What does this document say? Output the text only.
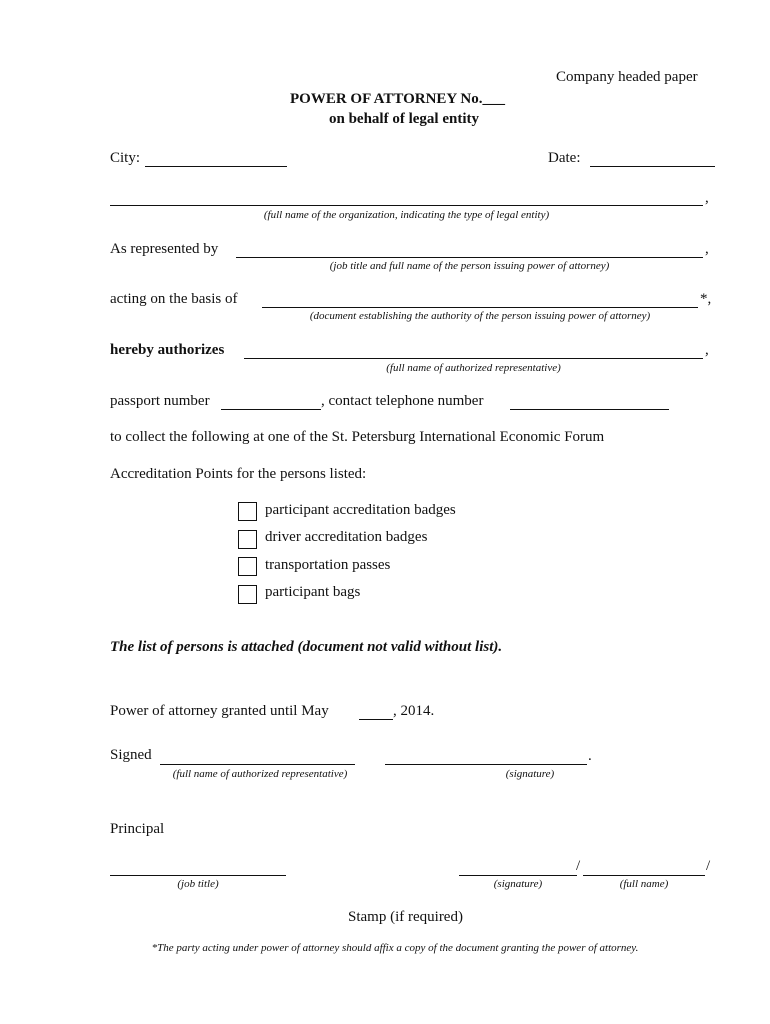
Company headed paper
POWER OF ATTORNEY No.___
on behalf of legal entity
City:	Date:
,
(full name of the organization, indicating the type of legal entity)
As represented by	,
(job title and full name of the person issuing power of attorney)
acting on the basis of	*,
(document establishing the authority of the person issuing power of attorney)
hereby authorizes	,
(full name of authorized representative)
passport number	, contact telephone number
to collect the following at one of the St. Petersburg International Economic Forum
Accreditation Points for the persons listed:
participant accreditation badges
driver accreditation badges
transportation passes
participant bags
The list of persons is attached (document not valid without list).
Power of attorney granted until May	, 2014.
Signed	.
(full name of authorized representative)	(signature)
Principal
/	/
(job title)	(signature)	(full name)
Stamp (if required)
*The party acting under power of attorney should affix a copy of the document granting the power of attorney.
